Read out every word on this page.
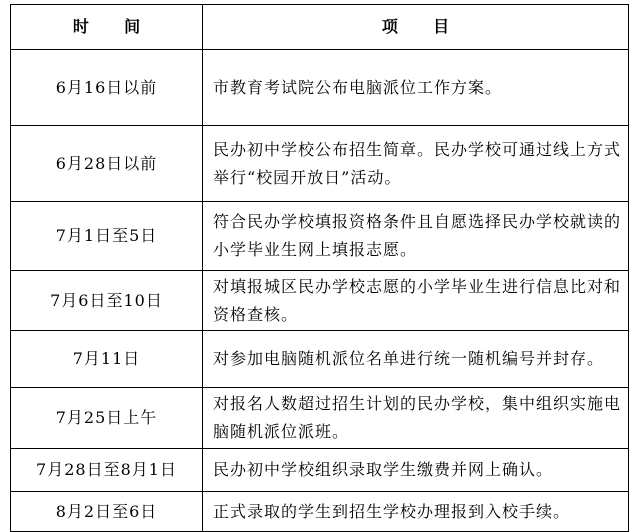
时 间	项 目
6月16日以前	市教育考试院公布电脑派位工作方案。
6月28日以前	民办初中学校公布招生简章。民办学校可通过线上方式举行“校园开放日”活动。
7月1日至5日	符合民办学校填报资格条件且自愿选择民办学校就读的小学毕业生网上填报志愿。
7月6日至10日	对填报城区民办学校志愿的小学毕业生进行信息比对和资格查核。
7月11日	对参加电脑随机派位名单进行统一随机编号并封存。
7月25日上午	对报名人数超过招生计划的民办学校，集中组织实施电脑随机派位派班。
7月28日至8月1日	民办初中学校组织录取学生缴费并网上确认。
8月2日至6日	正式录取的学生到招生学校办理报到入校手续。
